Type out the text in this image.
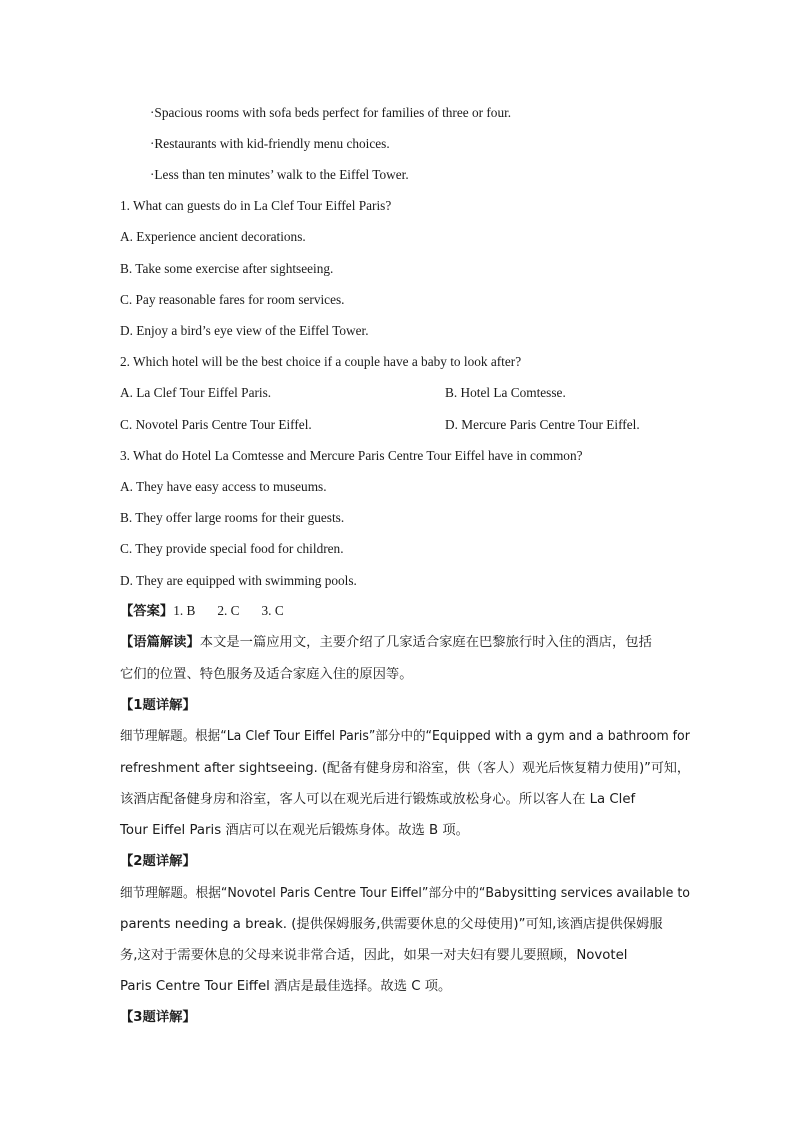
·Spacious rooms with sofa beds perfect for families of three or four.
·Restaurants with kid-friendly menu choices.
·Less than ten minutes’ walk to the Eiffel Tower.
1. What can guests do in La Clef Tour Eiffel Paris?
A. Experience ancient decorations.
B. Take some exercise after sightseeing.
C. Pay reasonable fares for room services.
D. Enjoy a bird’s eye view of the Eiffel Tower.
2. Which hotel will be the best choice if a couple have a baby to look after?
A. La Clef Tour Eiffel Paris.	B. Hotel La Comtesse.
C. Novotel Paris Centre Tour Eiffel.	D. Mercure Paris Centre Tour Eiffel.
3. What do Hotel La Comtesse and Mercure Paris Centre Tour Eiffel have in common?
A. They have easy access to museums.
B. They offer large rooms for their guests.
C. They provide special food for children.
D. They are equipped with swimming pools.
【答案】1. B 2. C 3. C
【语篇解读】本文是一篇应用文，主要介绍了几家适合家庭在巴黎旅行时入住的酒店，包括
它们的位置、特色服务及适合家庭入住的原因等。
【1题详解】
细节理解题。根据“La Clef Tour Eiffel Paris”部分中的“Equipped with a gym and a bathroom for
refreshment after sightseeing. (配备有健身房和浴室，供（客人）观光后恢复精力使用)”可知，
该酒店配备健身房和浴室，客人可以在观光后进行锻炼或放松身心。所以客人在 La Clef
Tour Eiffel Paris 酒店可以在观光后锻炼身体。故选 B 项。
【2题详解】
细节理解题。根据“Novotel Paris Centre Tour Eiffel”部分中的“Babysitting services available to
parents needing a break. (提供保姆服务,供需要休息的父母使用)”可知,该酒店提供保姆服
务,这对于需要休息的父母来说非常合适，因此，如果一对夫妇有婴儿要照顾，Novotel
Paris Centre Tour Eiffel 酒店是最佳选择。故选 C 项。
【3题详解】
